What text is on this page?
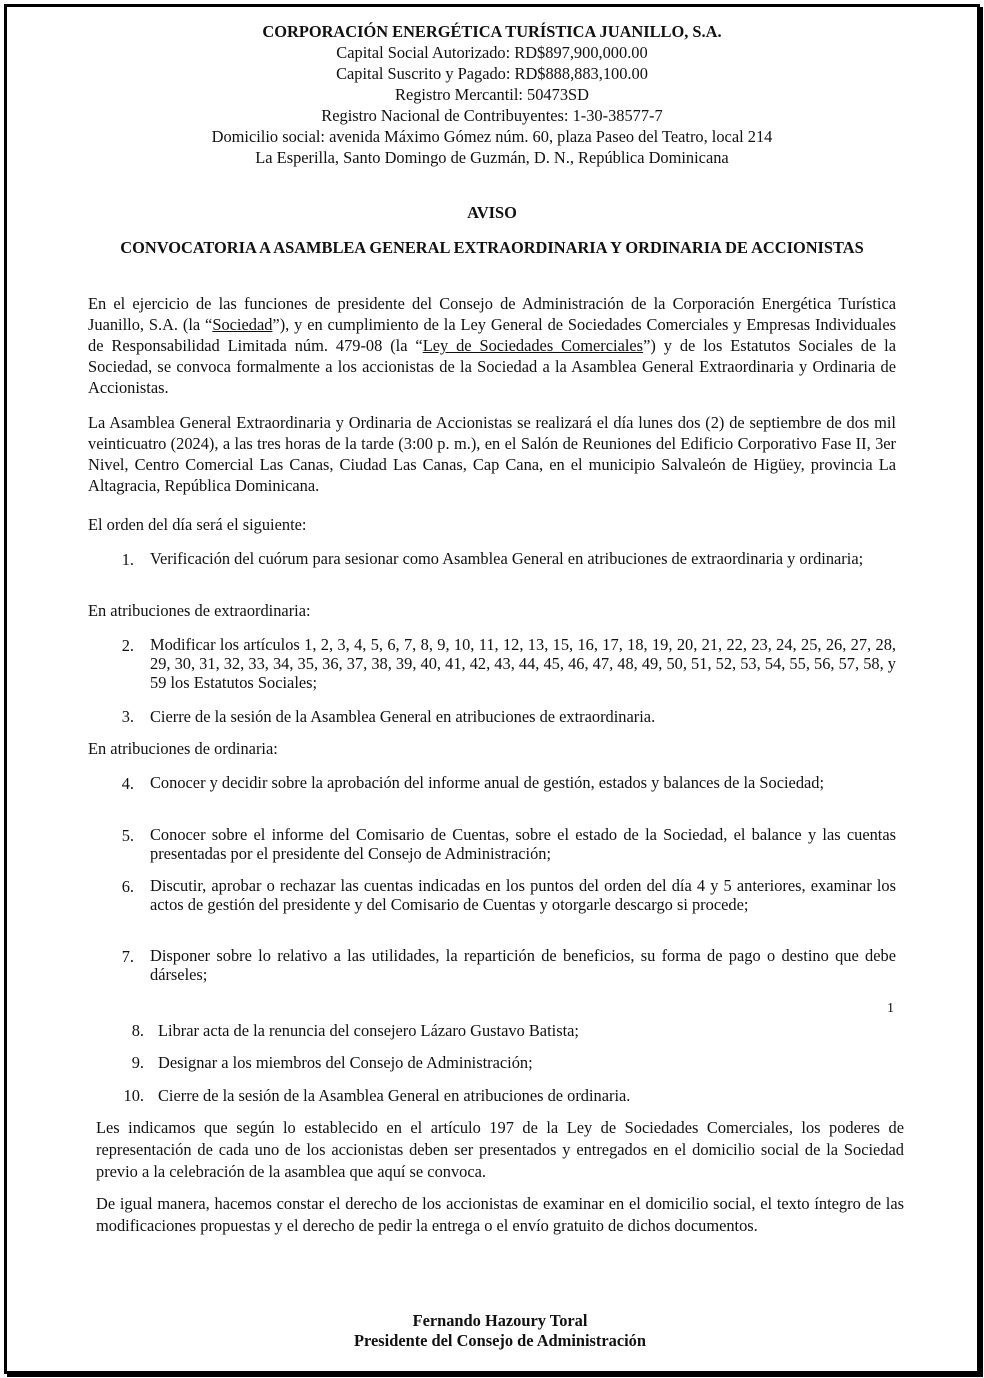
CORPORACIÓN ENERGÉTICA TURÍSTICA JUANILLO, S.A.
Capital Social Autorizado: RD$897,900,000.00
Capital Suscrito y Pagado: RD$888,883,100.00
Registro Mercantil: 50473SD
Registro Nacional de Contribuyentes: 1-30-38577-7
Domicilio social: avenida Máximo Gómez núm. 60, plaza Paseo del Teatro, local 214
La Esperilla, Santo Domingo de Guzmán, D. N., República Dominicana
AVISO
CONVOCATORIA A ASAMBLEA GENERAL EXTRAORDINARIA Y ORDINARIA DE ACCIONISTAS
En el ejercicio de las funciones de presidente del Consejo de Administración de la Corporación Energética Turística Juanillo, S.A. (la “Sociedad”), y en cumplimiento de la Ley General de Sociedades Comerciales y Empresas Individuales de Responsabilidad Limitada núm. 479-08 (la “Ley de Sociedades Comerciales”) y de los Estatutos Sociales de la Sociedad, se convoca formalmente a los accionistas de la Sociedad a la Asamblea General Extraordinaria y Ordinaria de Accionistas.
La Asamblea General Extraordinaria y Ordinaria de Accionistas se realizará el día lunes dos (2) de septiembre de dos mil veinticuatro (2024), a las tres horas de la tarde (3:00 p. m.), en el Salón de Reuniones del Edificio Corporativo Fase II, 3er Nivel, Centro Comercial Las Canas, Ciudad Las Canas, Cap Cana, en el municipio Salvaleón de Higüey, provincia La Altagracia, República Dominicana.
El orden del día será el siguiente:
1. Verificación del cuórum para sesionar como Asamblea General en atribuciones de extraordinaria y ordinaria;
En atribuciones de extraordinaria:
2. Modificar los artículos 1, 2, 3, 4, 5, 6, 7, 8, 9, 10, 11, 12, 13, 15, 16, 17, 18, 19, 20, 21, 22, 23, 24, 25, 26, 27, 28, 29, 30, 31, 32, 33, 34, 35, 36, 37, 38, 39, 40, 41, 42, 43, 44, 45, 46, 47, 48, 49, 50, 51, 52, 53, 54, 55, 56, 57, 58, y 59 los Estatutos Sociales;
3. Cierre de la sesión de la Asamblea General en atribuciones de extraordinaria.
En atribuciones de ordinaria:
4. Conocer y decidir sobre la aprobación del informe anual de gestión, estados y balances de la Sociedad;
5. Conocer sobre el informe del Comisario de Cuentas, sobre el estado de la Sociedad, el balance y las cuentas presentadas por el presidente del Consejo de Administración;
6. Discutir, aprobar o rechazar las cuentas indicadas en los puntos del orden del día 4 y 5 anteriores, examinar los actos de gestión del presidente y del Comisario de Cuentas y otorgarle descargo si procede;
7. Disponer sobre lo relativo a las utilidades, la repartición de beneficios, su forma de pago o destino que debe dárseles;
1
8. Librar acta de la renuncia del consejero Lázaro Gustavo Batista;
9. Designar a los miembros del Consejo de Administración;
10. Cierre de la sesión de la Asamblea General en atribuciones de ordinaria.
Les indicamos que según lo establecido en el artículo 197 de la Ley de Sociedades Comerciales, los poderes de representación de cada uno de los accionistas deben ser presentados y entregados en el domicilio social de la Sociedad previo a la celebración de la asamblea que aquí se convoca.
De igual manera, hacemos constar el derecho de los accionistas de examinar en el domicilio social, el texto íntegro de las modificaciones propuestas y el derecho de pedir la entrega o el envío gratuito de dichos documentos.
Fernando Hazoury Toral
Presidente del Consejo de Administración
